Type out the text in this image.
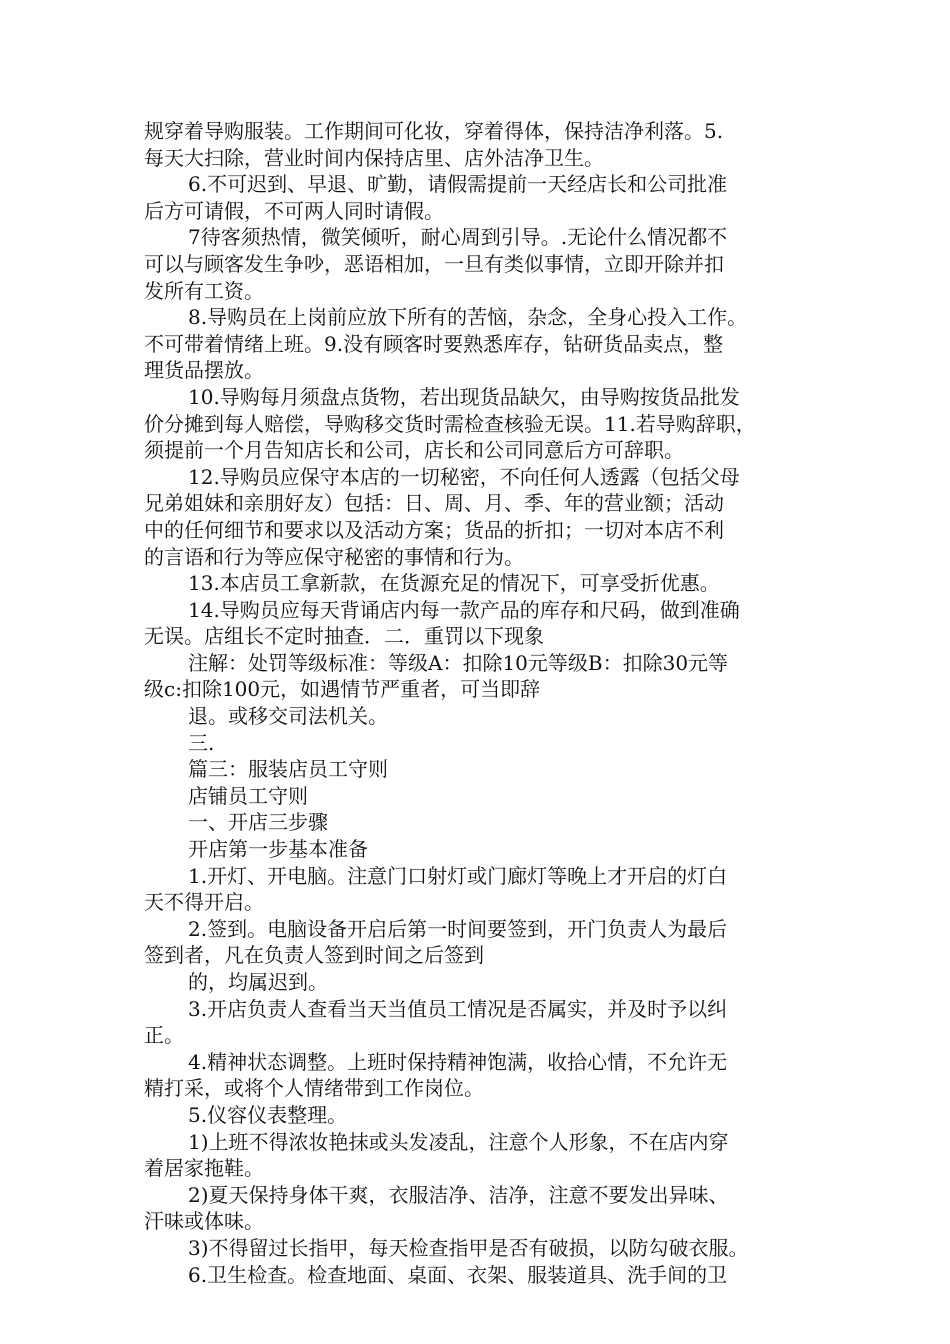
规穿着导购服装。工作期间可化妆，穿着得体，保持洁净利落。5.
每天大扫除，营业时间内保持店里、店外洁净卫生。
6.不可迟到、早退、旷勤，请假需提前一天经店长和公司批准
后方可请假，不可两人同时请假。
7待客须热情，微笑倾听，耐心周到引导。.无论什么情况都不
可以与顾客发生争吵，恶语相加，一旦有类似事情，立即开除并扣
发所有工资。
8.导购员在上岗前应放下所有的苦恼，杂念，全身心投入工作。
不可带着情绪上班。9.没有顾客时要熟悉库存，钻研货品卖点，整
理货品摆放。
10.导购每月须盘点货物，若出现货品缺欠，由导购按货品批发
价分摊到每人赔偿，导购移交货时需检查核验无误。11.若导购辞职，
须提前一个月告知店长和公司，店长和公司同意后方可辞职。
12.导购员应保守本店的一切秘密，不向任何人透露（包括父母
兄弟姐妹和亲朋好友）包括：日、周、月、季、年的营业额；活动
中的任何细节和要求以及活动方案；货品的折扣；一切对本店不利
的言语和行为等应保守秘密的事情和行为。
13.本店员工拿新款，在货源充足的情况下，可享受折优惠。
14.导购员应每天背诵店内每一款产品的库存和尺码，做到准确
无误。店组长不定时抽查．二．重罚以下现象
注解：处罚等级标准：等级A：扣除10元等级B：扣除30元等
级c:扣除100元，如遇情节严重者，可当即辞
退。或移交司法机关。
三.
篇三：服装店员工守则
店铺员工守则
一、开店三步骤
开店第一步基本准备
1.开灯、开电脑。注意门口射灯或门廊灯等晚上才开启的灯白
天不得开启。
2.签到。电脑设备开启后第一时间要签到，开门负责人为最后
签到者，凡在负责人签到时间之后签到
的，均属迟到。
3.开店负责人查看当天当值员工情况是否属实，并及时予以纠
正。
4.精神状态调整。上班时保持精神饱满，收拾心情，不允许无
精打采，或将个人情绪带到工作岗位。
5.仪容仪表整理。
1)上班不得浓妆艳抹或头发凌乱，注意个人形象，不在店内穿
着居家拖鞋。
2)夏天保持身体干爽，衣服洁净、洁净，注意不要发出异味、
汗味或体味。
3)不得留过长指甲，每天检查指甲是否有破损，以防勾破衣服。
6.卫生检查。检查地面、桌面、衣架、服装道具、洗手间的卫
